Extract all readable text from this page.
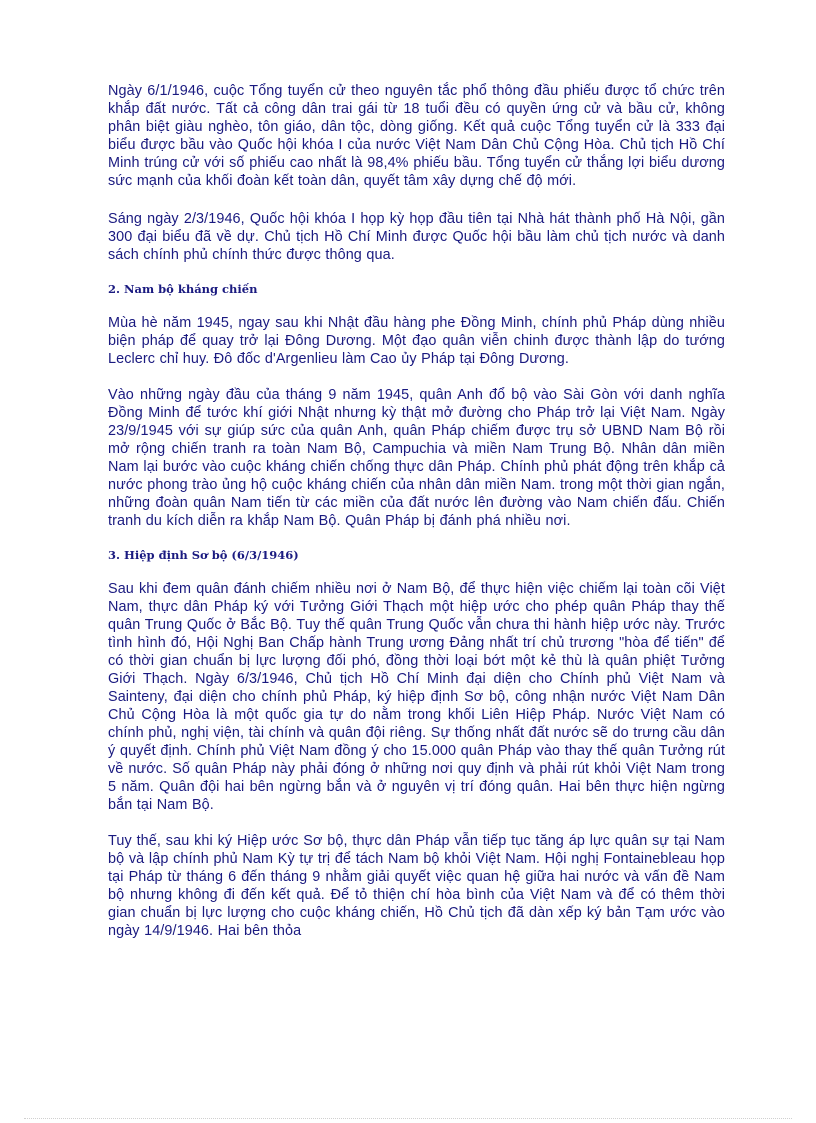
Ngày 6/1/1946, cuộc Tổng tuyển cử theo nguyên tắc phổ thông đầu phiếu được tổ chức trên khắp đất nước. Tất cả công dân trai gái từ 18 tuổi đều có quyền ứng cử và bầu cử, không phân biệt giàu nghèo, tôn giáo, dân tộc, dòng giống. Kết quả cuộc Tổng tuyển cử là 333 đại biểu được bầu vào Quốc hội khóa I của nước Việt Nam Dân Chủ Cộng Hòa. Chủ tịch Hồ Chí Minh trúng cử với số phiếu cao nhất là 98,4% phiếu bầu. Tổng tuyển cử thắng lợi biểu dương sức mạnh của khối đoàn kết toàn dân, quyết tâm xây dựng chế độ mới.

Sáng ngày 2/3/1946, Quốc hội khóa I họp kỳ họp đầu tiên tại Nhà hát thành phố Hà Nội, gần 300 đại biểu đã về dự. Chủ tịch Hồ Chí Minh được Quốc hội bầu làm chủ tịch nước và danh sách chính phủ chính thức được thông qua.

2. Nam bộ kháng chiến

Mùa hè năm 1945, ngay sau khi Nhật đầu hàng phe Đồng Minh, chính phủ Pháp dùng nhiều biện pháp để quay trở lại Đông Dương. Một đạo quân viễn chinh được thành lập do tướng Leclerc chỉ huy. Đô đốc d'Argenlieu làm Cao ủy Pháp tại Đông Dương.

Vào những ngày đầu của tháng 9 năm 1945, quân Anh đổ bộ vào Sài Gòn với danh nghĩa Đồng Minh để tước khí giới Nhật nhưng kỳ thật mở đường cho Pháp trở lại Việt Nam. Ngày 23/9/1945 với sự giúp sức của quân Anh, quân Pháp chiếm được trụ sở UBND Nam Bộ rồi mở rộng chiến tranh ra toàn Nam Bộ, Campuchia và miền Nam Trung Bộ. Nhân dân miền Nam lại bước vào cuộc kháng chiến chống thực dân Pháp. Chính phủ phát động trên khắp cả nước phong trào ủng hộ cuộc kháng chiến của nhân dân miền Nam. trong một thời gian ngắn, những đoàn quân Nam tiến từ các miền của đất nước lên đường vào Nam chiến đấu. Chiến tranh du kích diễn ra khắp Nam Bộ. Quân Pháp bị đánh phá nhiều nơi.

3. Hiệp định Sơ bộ (6/3/1946)

Sau khi đem quân đánh chiếm nhiều nơi ở Nam Bộ, để thực hiện việc chiếm lại toàn cõi Việt Nam, thực dân Pháp ký với Tưởng Giới Thạch một hiệp ước cho phép quân Pháp thay thế quân Trung Quốc ở Bắc Bộ. Tuy thế quân Trung Quốc vẫn chưa thi hành hiệp ước này. Trước tình hình đó, Hội Nghị Ban Chấp hành Trung ương Đảng nhất trí chủ trương "hòa để tiến" để có thời gian chuẩn bị lực lượng đối phó, đồng thời loại bớt một kẻ thù là quân phiệt Tưởng Giới Thạch. Ngày 6/3/1946, Chủ tịch Hồ Chí Minh đại diện cho Chính phủ Việt Nam và Sainteny, đại diện cho chính phủ Pháp, ký hiệp định Sơ bộ, công nhận nước Việt Nam Dân Chủ Cộng Hòa là một quốc gia tự do nằm trong khối Liên Hiệp Pháp. Nước Việt Nam có chính phủ, nghị viện, tài chính và quân đội riêng. Sự thống nhất đất nước sẽ do trưng cầu dân ý quyết định. Chính phủ Việt Nam đồng ý cho 15.000 quân Pháp vào thay thế quân Tưởng rút về nước. Số quân Pháp này phải đóng ở những nơi quy định và phải rút khỏi Việt Nam trong 5 năm. Quân đội hai bên ngừng bắn và ở nguyên vị trí đóng quân. Hai bên thực hiện ngừng bắn tại Nam Bộ.

Tuy thế, sau khi ký Hiệp ước Sơ bộ, thực dân Pháp vẫn tiếp tục tăng áp lực quân sự tại Nam bộ và lập chính phủ Nam Kỳ tự trị để tách Nam bộ khỏi Việt Nam. Hội nghị Fontainebleau họp tại Pháp từ tháng 6 đến tháng 9 nhằm giải quyết việc quan hệ giữa hai nước và vấn đề Nam bộ nhưng không đi đến kết quả. Để tỏ thiện chí hòa bình của Việt Nam và để có thêm thời gian chuẩn bị lực lượng cho cuộc kháng chiến, Hồ Chủ tịch đã dàn xếp ký bản Tạm ước vào ngày 14/9/1946. Hai bên thỏa
